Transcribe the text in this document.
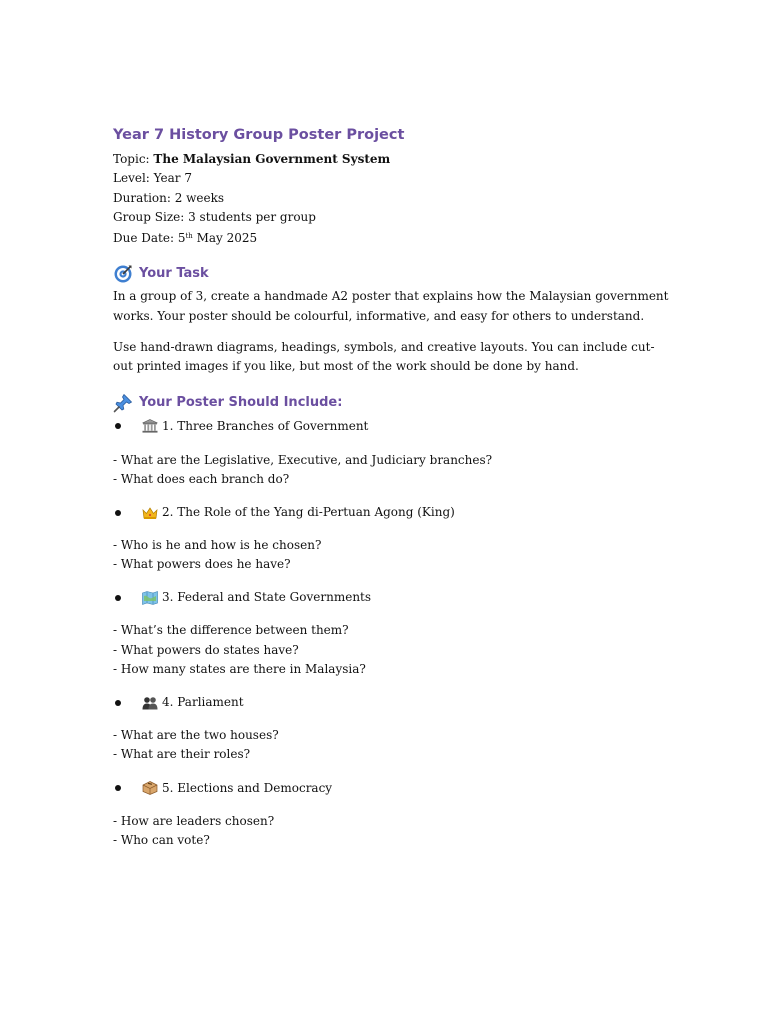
Year 7 History Group Poster Project

Topic: The Malaysian Government System

Level: Year 7

Duration: 2 weeks

Group Size: 3 students per group

Due Date: 5th May 2025

Your Task

In a group of 3, create a handmade A2 poster that explains how the Malaysian government works. Your poster should be colourful, informative, and easy for others to understand.

Use hand-drawn diagrams, headings, symbols, and creative layouts. You can include cut-out printed images if you like, but most of the work should be done by hand.

Your Poster Should Include:
1. Three Branches of Government

- What are the Legislative, Executive, and Judiciary branches?

- What does each branch do?

2. The Role of the Yang di-Pertuan Agong (King)

- Who is he and how is he chosen?

- What powers does he have?

3. Federal and State Governments

- What’s the difference between them?

- What powers do states have?

- How many states are there in Malaysia?

4. Parliament

- What are the two houses?

- What are their roles?

5. Elections and Democracy

- How are leaders chosen?

- Who can vote?
